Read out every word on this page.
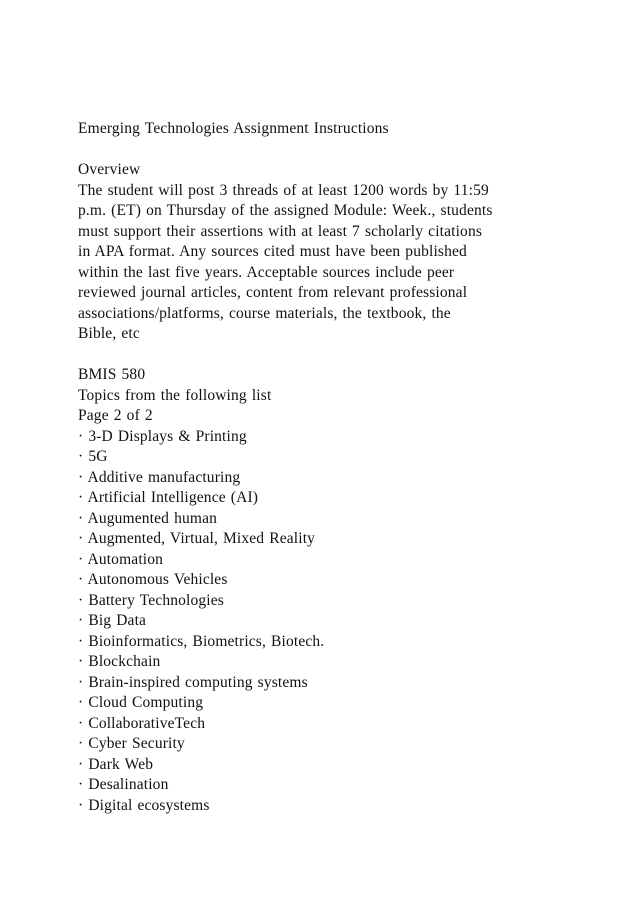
Emerging Technologies Assignment Instructions
Overview
The student will post 3 threads of at least 1200 words by 11:59
p.m. (ET) on Thursday of the assigned Module: Week., students
must support their assertions with at least 7 scholarly citations
in APA format. Any sources cited must have been published
within the last five years. Acceptable sources include peer
reviewed journal articles, content from relevant professional
associations/platforms, course materials, the textbook, the
Bible, etc
BMIS 580
Topics from the following list
Page 2 of 2
· 3-D Displays & Printing
· 5G
· Additive manufacturing
· Artificial Intelligence (AI)
· Augumented human
· Augmented, Virtual, Mixed Reality
· Automation
· Autonomous Vehicles
· Battery Technologies
· Big Data
· Bioinformatics, Biometrics, Biotech.
· Blockchain
· Brain-inspired computing systems
· Cloud Computing
· CollaborativeTech
· Cyber Security
· Dark Web
· Desalination
· Digital ecosystems
